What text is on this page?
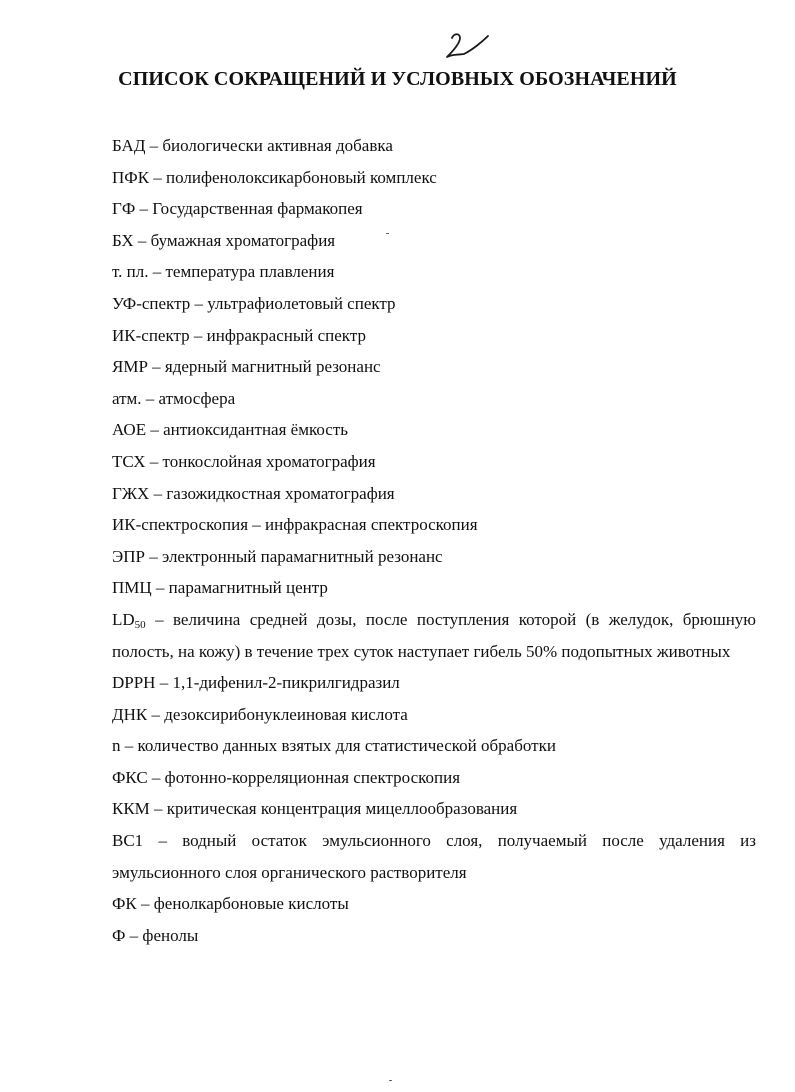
СПИСОК СОКРАЩЕНИЙ И УСЛОВНЫХ ОБОЗНАЧЕНИЙ
БАД – биологически активная добавка
ПФК – полифенолоксикарбоновый комплекс
ГФ – Государственная фармакопея
БХ – бумажная хроматография
т. пл. – температура плавления
УФ-спектр – ультрафиолетовый спектр
ИК-спектр – инфракрасный спектр
ЯМР – ядерный магнитный резонанс
атм. – атмосфера
АОЕ – антиоксидантная ёмкость
ТСХ – тонкослойная хроматография
ГЖХ – газожидкостная хроматография
ИК-спектроскопия – инфракрасная спектроскопия
ЭПР – электронный парамагнитный резонанс
ПМЦ – парамагнитный центр
$LD_{50}$ – величина средней дозы, после поступления которой (в желудок, брюшную полость, на кожу) в течение трех суток наступает гибель 50% подопытных животных
DPPH – 1,1-дифенил-2-пикрилгидразил
ДНК – дезоксирибонуклеиновая кислота
n – количество данных взятых для статистической обработки
ФКС – фотонно-корреляционная спектроскопия
ККМ – критическая концентрация мицеллообразования
ВС1 – водный остаток эмульсионного слоя, получаемый после удаления из эмульсионного слоя органического растворителя
ФК – фенолкарбоновые кислоты
Ф – фенолы
